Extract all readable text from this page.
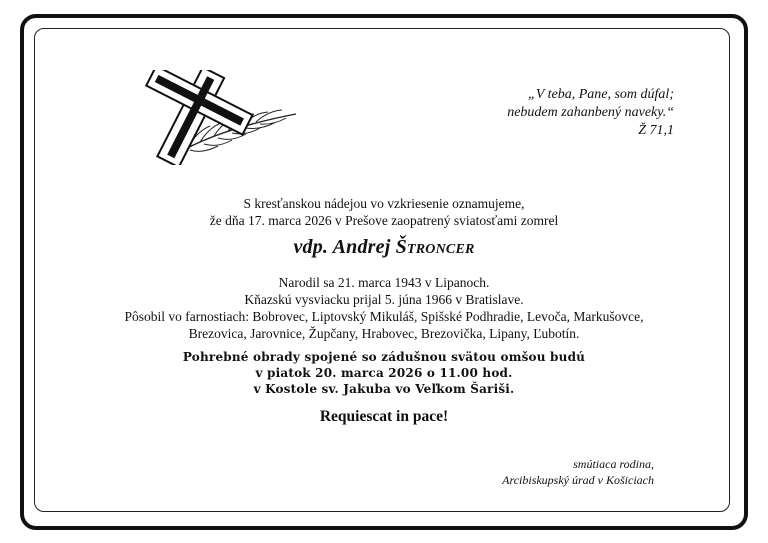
„V teba, Pane, som dúfal;

nebudem zahanbený naveky.“
Ž 71,1
S kresťanskou nádejou vo vzkriesenie oznamujeme,
že dňa 17. marca 2026 v Prešove zaopatrený sviatosťami zomrel
vdp. Andrej Štroncer
Narodil sa 21. marca 1943 v Lipanoch.
Kňazskú vysviacku prijal 5. júna 1966 v Bratislave.
Pôsobil vo farnostiach: Bobrovec, Liptovský Mikuláš, Spišské Podhradie, Levoča, Markušovce,
Brezovica, Jarovnice, Župčany, Hrabovec, Brezovička, Lipany, Ľubotín.
Pohrebné obrady spojené so zádušnou svätou omšou budú
v piatok 20. marca 2026 o 11.00 hod.
v Kostole sv. Jakuba vo Veľkom Šariši.
Requiescat in pace!
smútiaca rodina,
Arcibiskupský úrad v Košiciach
